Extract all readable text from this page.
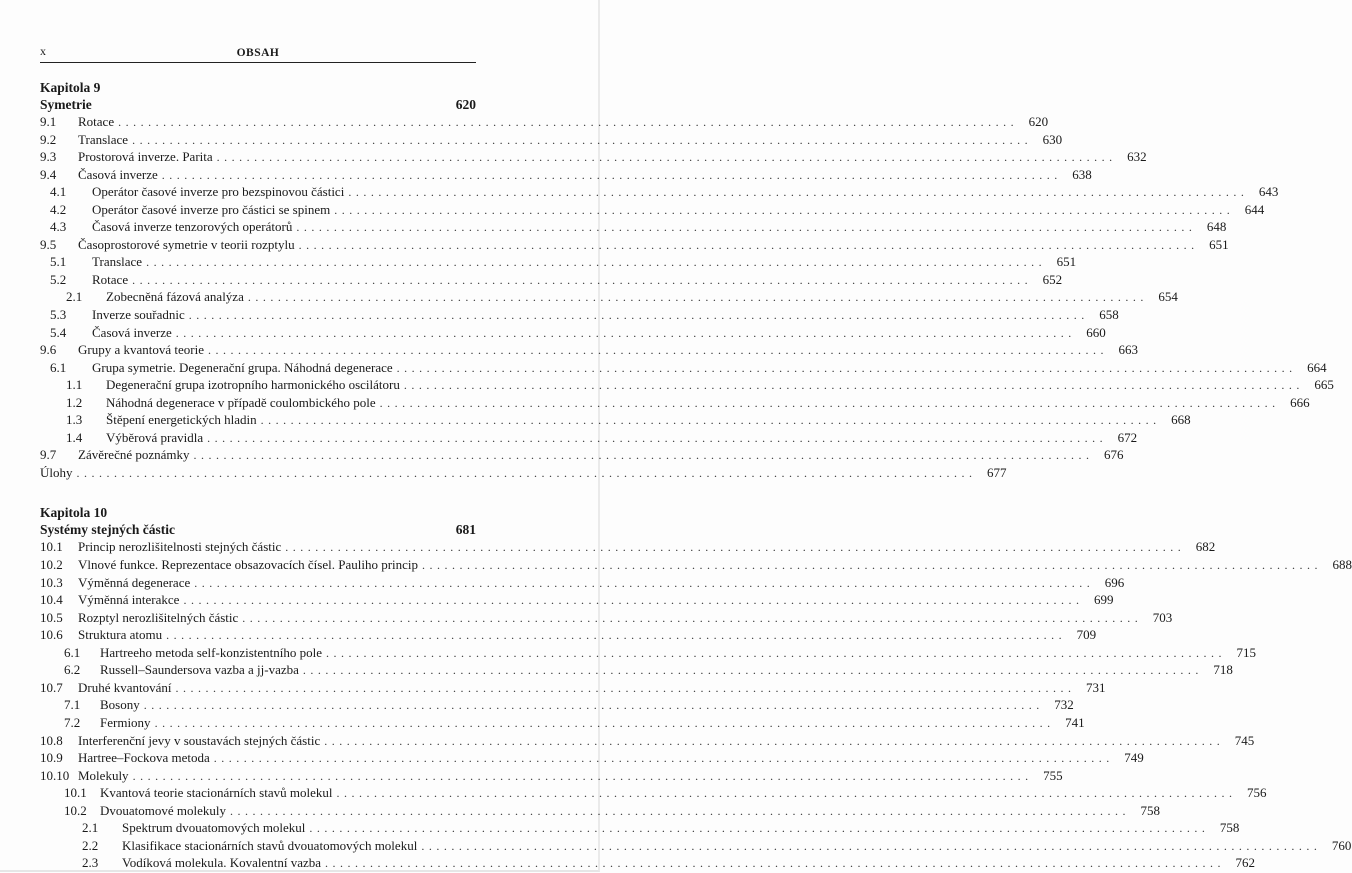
x	OBSAH
Kapitola 9
Symetrie	620
9.1	Rotace ........................................................................................................................ 620
9.2	Translace ........................................................................................................................ 630
9.3	Prostorová inverze. Parita ........................................................................................................................ 632
9.4	Časová inverze ........................................................................................................................ 638
4.1	Operátor časové inverze pro bezspinovou částici ........................................................................................................................ 643
4.2	Operátor časové inverze pro částici se spinem ........................................................................................................................ 644
4.3	Časová inverze tenzorových operátorů ........................................................................................................................ 648
9.5	Časoprostorové symetrie v teorii rozptylu ........................................................................................................................ 651
5.1	Translace ........................................................................................................................ 651
5.2	Rotace ........................................................................................................................ 652
2.1	Zobecněná fázová analýza ........................................................................................................................ 654
5.3	Inverze souřadnic ........................................................................................................................ 658
5.4	Časová inverze ........................................................................................................................ 660
9.6	Grupy a kvantová teorie ........................................................................................................................ 663
6.1	Grupa symetrie. Degenerační grupa. Náhodná degenerace ........................................................................................................................ 664
1.1	Degenerační grupa izotropního harmonického oscilátoru ........................................................................................................................ 665
1.2	Náhodná degenerace v případě coulombického pole ........................................................................................................................ 666
1.3	Štěpení energetických hladin ........................................................................................................................ 668
1.4	Výběrová pravidla ........................................................................................................................ 672
9.7	Závěrečné poznámky ........................................................................................................................ 676
Úlohy ........................................................................................................................ 677
Kapitola 10
Systémy stejných částic	681
10.1	Princip nerozlišitelnosti stejných částic ........................................................................................................................ 682
10.2	Vlnové funkce. Reprezentace obsazovacích čísel. Pauliho princip ........................................................................................................................ 688
10.3	Výměnná degenerace ........................................................................................................................ 696
10.4	Výměnná interakce ........................................................................................................................ 699
10.5	Rozptyl nerozlišitelných částic ........................................................................................................................ 703
10.6	Struktura atomu ........................................................................................................................ 709
6.1	Hartreeho metoda self-konzistentního pole ........................................................................................................................ 715
6.2	Russell–Saundersova vazba a jj-vazba ........................................................................................................................ 718
10.7	Druhé kvantování ........................................................................................................................ 731
7.1	Bosony ........................................................................................................................ 732
7.2	Fermiony ........................................................................................................................ 741
10.8	Interferenční jevy v soustavách stejných částic ........................................................................................................................ 745
10.9	Hartree–Fockova metoda ........................................................................................................................ 749
10.10 Molekuly ........................................................................................................................ 755
10.1	Kvantová teorie stacionárních stavů molekul ........................................................................................................................ 756
10.2	Dvouatomové molekuly ........................................................................................................................ 758
2.1	Spektrum dvouatomových molekul ........................................................................................................................ 758
2.2	Klasifikace stacionárních stavů dvouatomových molekul ........................................................................................................................ 760
2.3	Vodíková molekula. Kovalentní vazba ........................................................................................................................ 762
